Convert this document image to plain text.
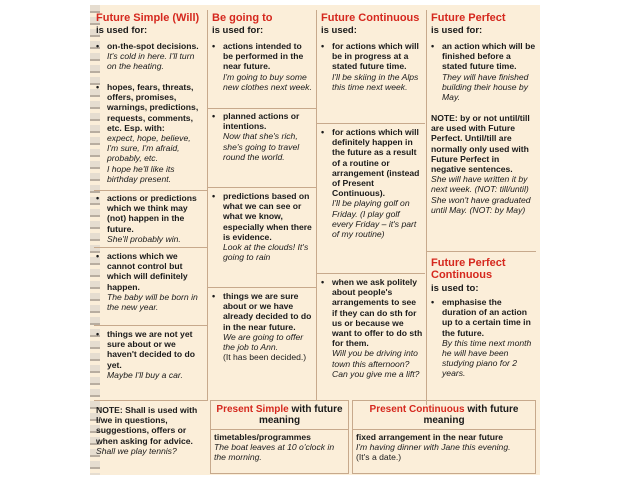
Future Simple (Will)
is used for:
• on-the-spot decisions.
It's cold in here. I'll turn on the heating.
• hopes, fears, threats, offers, promises, warnings, predictions, requests, comments, etc. Esp. with:
expect, hope, believe, I'm sure, I'm afraid, probably, etc.
I hope he'll like its birthday present.
• actions or predictions which we think may (not) happen in the future.
She'll probably win.
• actions which we cannot control but which will definitely happen.
The baby will be born in the new year.
• things we are not yet sure about or we haven't decided to do yet.
Maybe I'll buy a car.
NOTE: Shall is used with I/we in questions, suggestions, offers or when asking for advice.
Shall we play tennis?
Be going to
is used for:
• actions intended to be performed in the near future.
I'm going to buy some new clothes next week.
• planned actions or intentions.
Now that she's rich, she's going to travel round the world.
• predictions based on what we can see or what we know, especially when there is evidence.
Look at the clouds! It's going to rain
• things we are sure about or we have already decided to do in the near future.
We are going to offer the job to Ann.
(It has been decided.)
Future Continuous
is used:
• for actions which will be in progress at a stated future time.
I'll be skiing in the Alps this time next week.
• for actions which will definitely happen in the future as a result of a routine or arrangement (instead of Present Continuous).
I'll be playing golf on Friday. (I play golf every Friday – it's part of my routine)
• when we ask politely about people's arrangements to see if they can do sth for us or because we want to offer to do sth for them.
Will you be driving into town this afternoon? Can you give me a lift?
Future Perfect
is used for:
• an action which will be finished before a stated future time.
They will have finished building their house by May.
NOTE: by or not until/till are used with Future Perfect. Until/till are normally only used with Future Perfect in negative sentences.
She will have written it by next week. (NOT: till/until)
She won't have graduated until May. (NOT: by May)
Future Perfect Continuous
is used to:
• emphasise the duration of an action up to a certain time in the future.
By this time next month he will have been studying piano for 2 years.
Present Simple with future meaning
timetables/programmes
The boat leaves at 10 o'clock in the morning.
Present Continuous with future meaning
fixed arrangement in the near future
I'm having dinner with Jane this evening.
(It's a date.)
